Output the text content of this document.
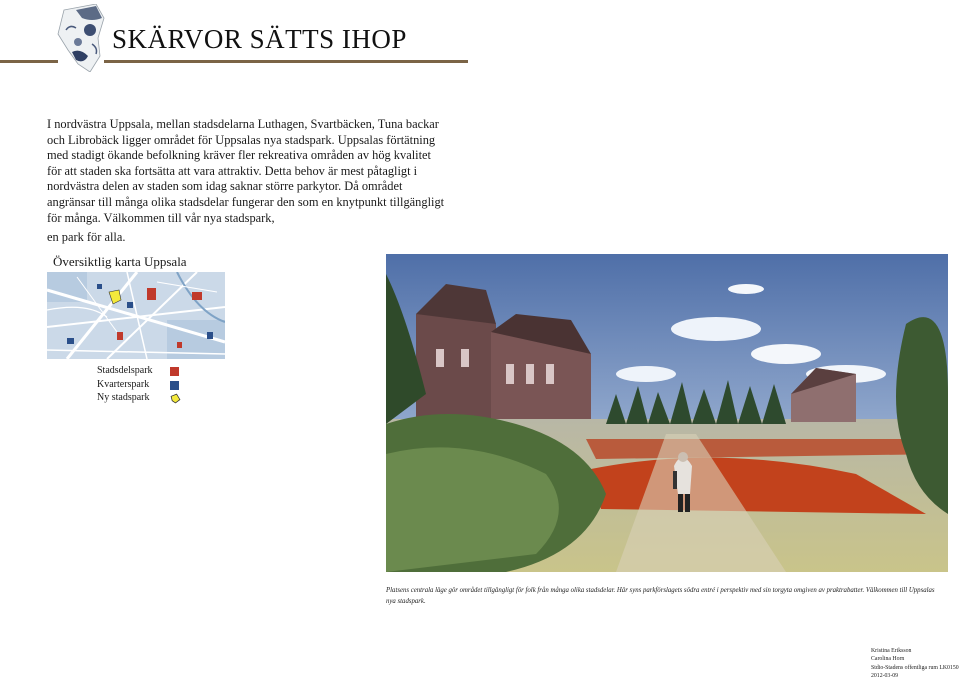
SKÄRVOR SÄTTS IHOP

I nordvästra Uppsala, mellan stadsdelarna Luthagen, Svartbäcken, Tuna backar och Librobäck ligger området för Uppsalas nya stadspark. Uppsalas förtätning med stadigt ökande befolkning kräver fler rekreativa områden av hög kvalitet för att staden ska fortsätta att vara attraktiv. Detta behov är mest påtagligt i nordvästra delen av staden som idag saknar större parkytor. Då området angränsar till många olika stadsdelar fungerar den som en knytpunkt tillgängligt för många. Välkommen till vår nya stadspark,
en park för alla.

Översiktlig karta Uppsala
Stadsdelspark
Kvarterspark
Ny stadspark

Platsens centrala läge gör området tillgängligt för folk från många olika stadsdelar. Här syns parkförslagets södra entré i perspektiv med sin torgyta omgiven av praktrabatter. Välkommen till Uppsalas nya stadspark.

Kristina Eriksson
Carolina Horn
Stdio-Stadens offentliga rum LK0150
2012-03-09
